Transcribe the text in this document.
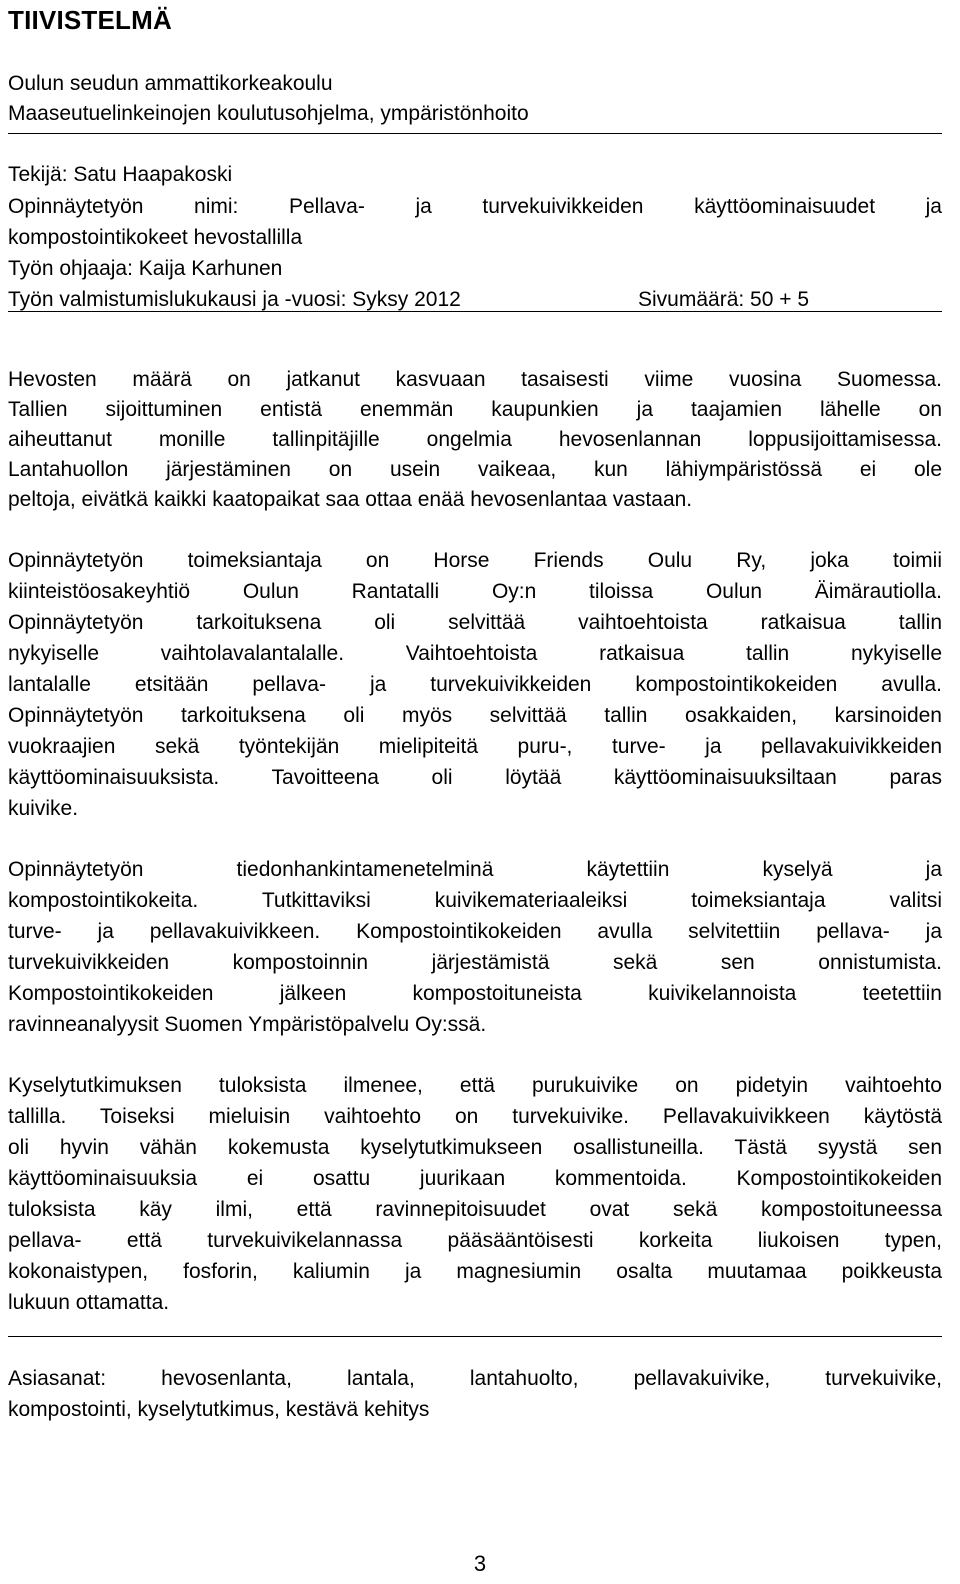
TIIVISTELMÄ
Oulun seudun ammattikorkeakoulu
Maaseutuelinkeinojen koulutusohjelma, ympäristönhoito
Tekijä: Satu Haapakoski
Opinnäytetyön nimi: Pellava- ja turvekuivikkeiden käyttöominaisuudet ja
kompostointikokeet hevostallilla
Työn ohjaaja: Kaija Karhunen
Työn valmistumislukukausi ja -vuosi: Syksy 2012	Sivumäärä: 50 + 5
Hevosten määrä on jatkanut kasvuaan tasaisesti viime vuosina Suomessa.
Tallien sijoittuminen entistä enemmän kaupunkien ja taajamien lähelle on
aiheuttanut monille tallinpitäjille ongelmia hevosenlannan loppusijoittamisessa.
Lantahuollon järjestäminen on usein vaikeaa, kun lähiympäristössä ei ole
peltoja, eivätkä kaikki kaatopaikat saa ottaa enää hevosenlantaa vastaan.
Opinnäytetyön toimeksiantaja on Horse Friends Oulu Ry, joka toimii
kiinteistöosakeyhtiö Oulun Rantatalli Oy:n tiloissa Oulun Äimärautiolla.
Opinnäytetyön tarkoituksena oli selvittää vaihtoehtoista ratkaisua tallin
nykyiselle vaihtolavalantalalle. Vaihtoehtoista ratkaisua tallin nykyiselle
lantalalle etsitään pellava- ja turvekuivikkeiden kompostointikokeiden avulla.
Opinnäytetyön tarkoituksena oli myös selvittää tallin osakkaiden, karsinoiden
vuokraajien sekä työntekijän mielipiteitä puru-, turve- ja pellavakuivikkeiden
käyttöominaisuuksista. Tavoitteena oli löytää käyttöominaisuuksiltaan paras
kuivike.
Opinnäytetyön tiedonhankintamenetelminä käytettiin kyselyä ja
kompostointikokeita. Tutkittaviksi kuivikemateriaaleiksi toimeksiantaja valitsi
turve- ja pellavakuivikkeen. Kompostointikokeiden avulla selvitettiin pellava- ja
turvekuivikkeiden kompostoinnin järjestämistä sekä sen onnistumista.
Kompostointikokeiden jälkeen kompostoituneista kuivikelannoista teetettiin
ravinneanalyysit Suomen Ympäristöpalvelu Oy:ssä.
Kyselytutkimuksen tuloksista ilmenee, että purukuivike on pidetyin vaihtoehto
tallilla. Toiseksi mieluisin vaihtoehto on turvekuivike. Pellavakuivikkeen käytöstä
oli hyvin vähän kokemusta kyselytutkimukseen osallistuneilla. Tästä syystä sen
käyttöominaisuuksia ei osattu juurikaan kommentoida. Kompostointikokeiden
tuloksista käy ilmi, että ravinnepitoisuudet ovat sekä kompostoituneessa
pellava- että turvekuivikelannassa pääsääntöisesti korkeita liukoisen typen,
kokonaistypen, fosforin, kaliumin ja magnesiumin osalta muutamaa poikkeusta
lukuun ottamatta.
Asiasanat: hevosenlanta, lantala, lantahuolto, pellavakuivike, turvekuivike,
kompostointi, kyselytutkimus, kestävä kehitys
3
